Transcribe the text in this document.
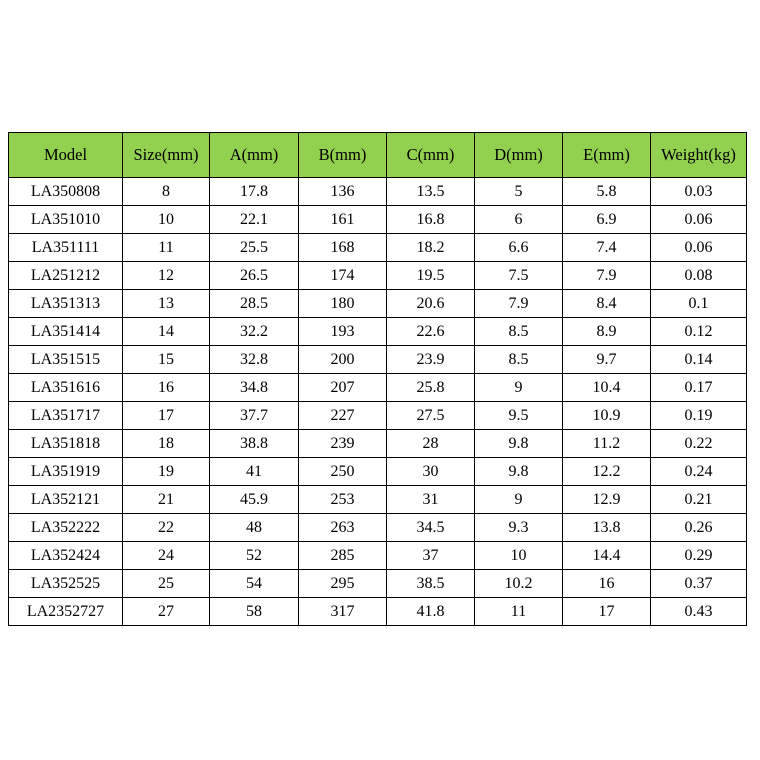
Model	Size(mm)	A(mm)	B(mm)	C(mm)	D(mm)	E(mm)	Weight(kg)
LA350808	8	17.8	136	13.5	5	5.8	0.03
LA351010	10	22.1	161	16.8	6	6.9	0.06
LA351111	11	25.5	168	18.2	6.6	7.4	0.06
LA251212	12	26.5	174	19.5	7.5	7.9	0.08
LA351313	13	28.5	180	20.6	7.9	8.4	0.1
LA351414	14	32.2	193	22.6	8.5	8.9	0.12
LA351515	15	32.8	200	23.9	8.5	9.7	0.14
LA351616	16	34.8	207	25.8	9	10.4	0.17
LA351717	17	37.7	227	27.5	9.5	10.9	0.19
LA351818	18	38.8	239	28	9.8	11.2	0.22
LA351919	19	41	250	30	9.8	12.2	0.24
LA352121	21	45.9	253	31	9	12.9	0.21
LA352222	22	48	263	34.5	9.3	13.8	0.26
LA352424	24	52	285	37	10	14.4	0.29
LA352525	25	54	295	38.5	10.2	16	0.37
LA2352727	27	58	317	41.8	11	17	0.43
